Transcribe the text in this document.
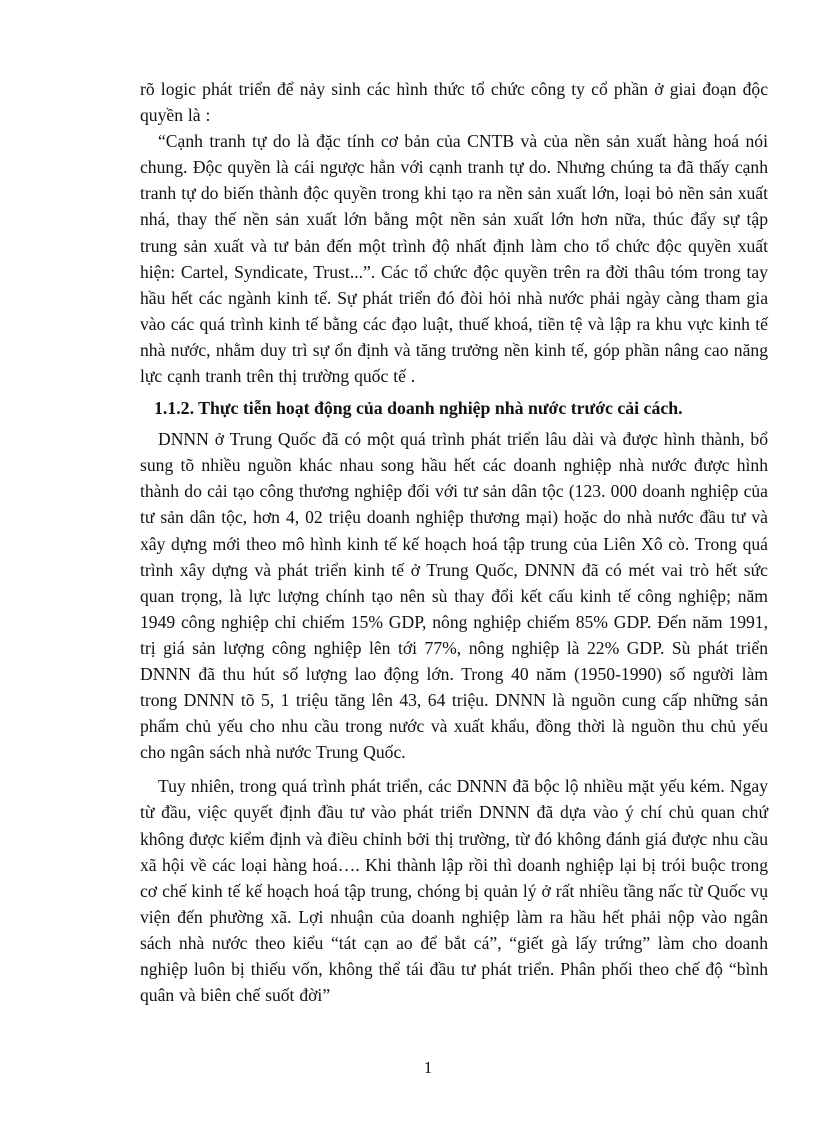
rõ logic phát triển để nảy sinh các hình thức tổ chức công ty cổ phần ở giai đoạn độc quyền là :

“Cạnh tranh tự do là đặc tính cơ bản của CNTB và của nền sản xuất hàng hoá nói chung. Độc quyền là cái ngược hẳn với cạnh tranh tự do. Nhưng chúng ta đã thấy cạnh tranh tự do biến thành độc quyền trong khi tạo ra nền sản xuất lớn, loại bỏ nền sản xuất nhá, thay thế nền sản xuất lớn bằng một nền sản xuất lớn hơn nữa, thúc đẩy sự tập trung sản xuất và tư bản đến một trình độ nhất định làm cho tổ chức độc quyền xuất hiện: Cartel, Syndicate, Trust...”. Các tổ chức độc quyền trên ra đời thâu tóm trong tay hầu hết các ngành kinh tế. Sự phát triển đó đòi hỏi nhà nước phải ngày càng tham gia vào các quá trình kinh tế bằng các đạo luật, thuế khoá, tiền tệ và lập ra khu vực kinh tế nhà nước, nhằm duy trì sự ổn định và tăng trưởng nền kinh tế, góp phần nâng cao năng lực cạnh tranh trên thị trường quốc tế .

1.1.2. Thực tiễn hoạt động của doanh nghiệp nhà nước trước cải cách.

DNNN ở Trung Quốc đã có một quá trình phát triển lâu dài và được hình thành, bổ sung tõ nhiều nguồn khác nhau song hầu hết các doanh nghiệp nhà nước được hình thành do cải tạo công thương nghiệp đối với tư sản dân tộc (123. 000 doanh nghiệp của tư sản dân tộc, hơn 4, 02 triệu doanh nghiệp thương mại) hoặc do nhà nước đầu tư và xây dựng mới theo mô hình kinh tế kế hoạch hoá tập trung của Liên Xô cò. Trong quá trình xây dựng và phát triển kinh tế ở Trung Quốc, DNNN đã có mét vai trò hết sức quan trọng, là lực lượng chính tạo nên sù thay đổi kết cấu kinh tế công nghiệp; năm 1949 công nghiệp chỉ chiếm 15% GDP, nông nghiệp chiếm 85% GDP. Đến năm 1991, trị giá sản lượng công nghiệp lên tới 77%, nông nghiệp là 22% GDP. Sù phát triển DNNN đã thu hút số lượng lao động lớn. Trong 40 năm (1950-1990) số người làm trong DNNN tõ 5, 1 triệu tăng lên 43, 64 triệu. DNNN là nguồn cung cấp những sản phẩm chủ yếu cho nhu cầu trong nước và xuất khẩu, đồng thời là nguồn thu chủ yếu cho ngân sách nhà nước Trung Quốc.

Tuy nhiên, trong quá trình phát triển, các DNNN đã bộc lộ nhiều mặt yếu kém. Ngay từ đầu, việc quyết định đầu tư vào phát triển DNNN đã dựa vào ý chí chủ quan chứ không được kiểm định và điều chỉnh bởi thị trường, từ đó không đánh giá được nhu cầu xã hội về các loại hàng hoá…. Khi thành lập rồi thì doanh nghiệp lại bị trói buộc trong cơ chế kinh tế kế hoạch hoá tập trung, chóng bị quản lý ở rất nhiều tầng nấc từ Quốc vụ viện đến phường xã. Lợi nhuận của doanh nghiệp làm ra hầu hết phải nộp vào ngân sách nhà nước theo kiểu “tát cạn ao để bắt cá”, “giết gà lấy trứng” làm cho doanh nghiệp luôn bị thiếu vốn, không thể tái đầu tư phát triển. Phân phối theo chế độ “bình quân và biên chế suốt đời”

1
